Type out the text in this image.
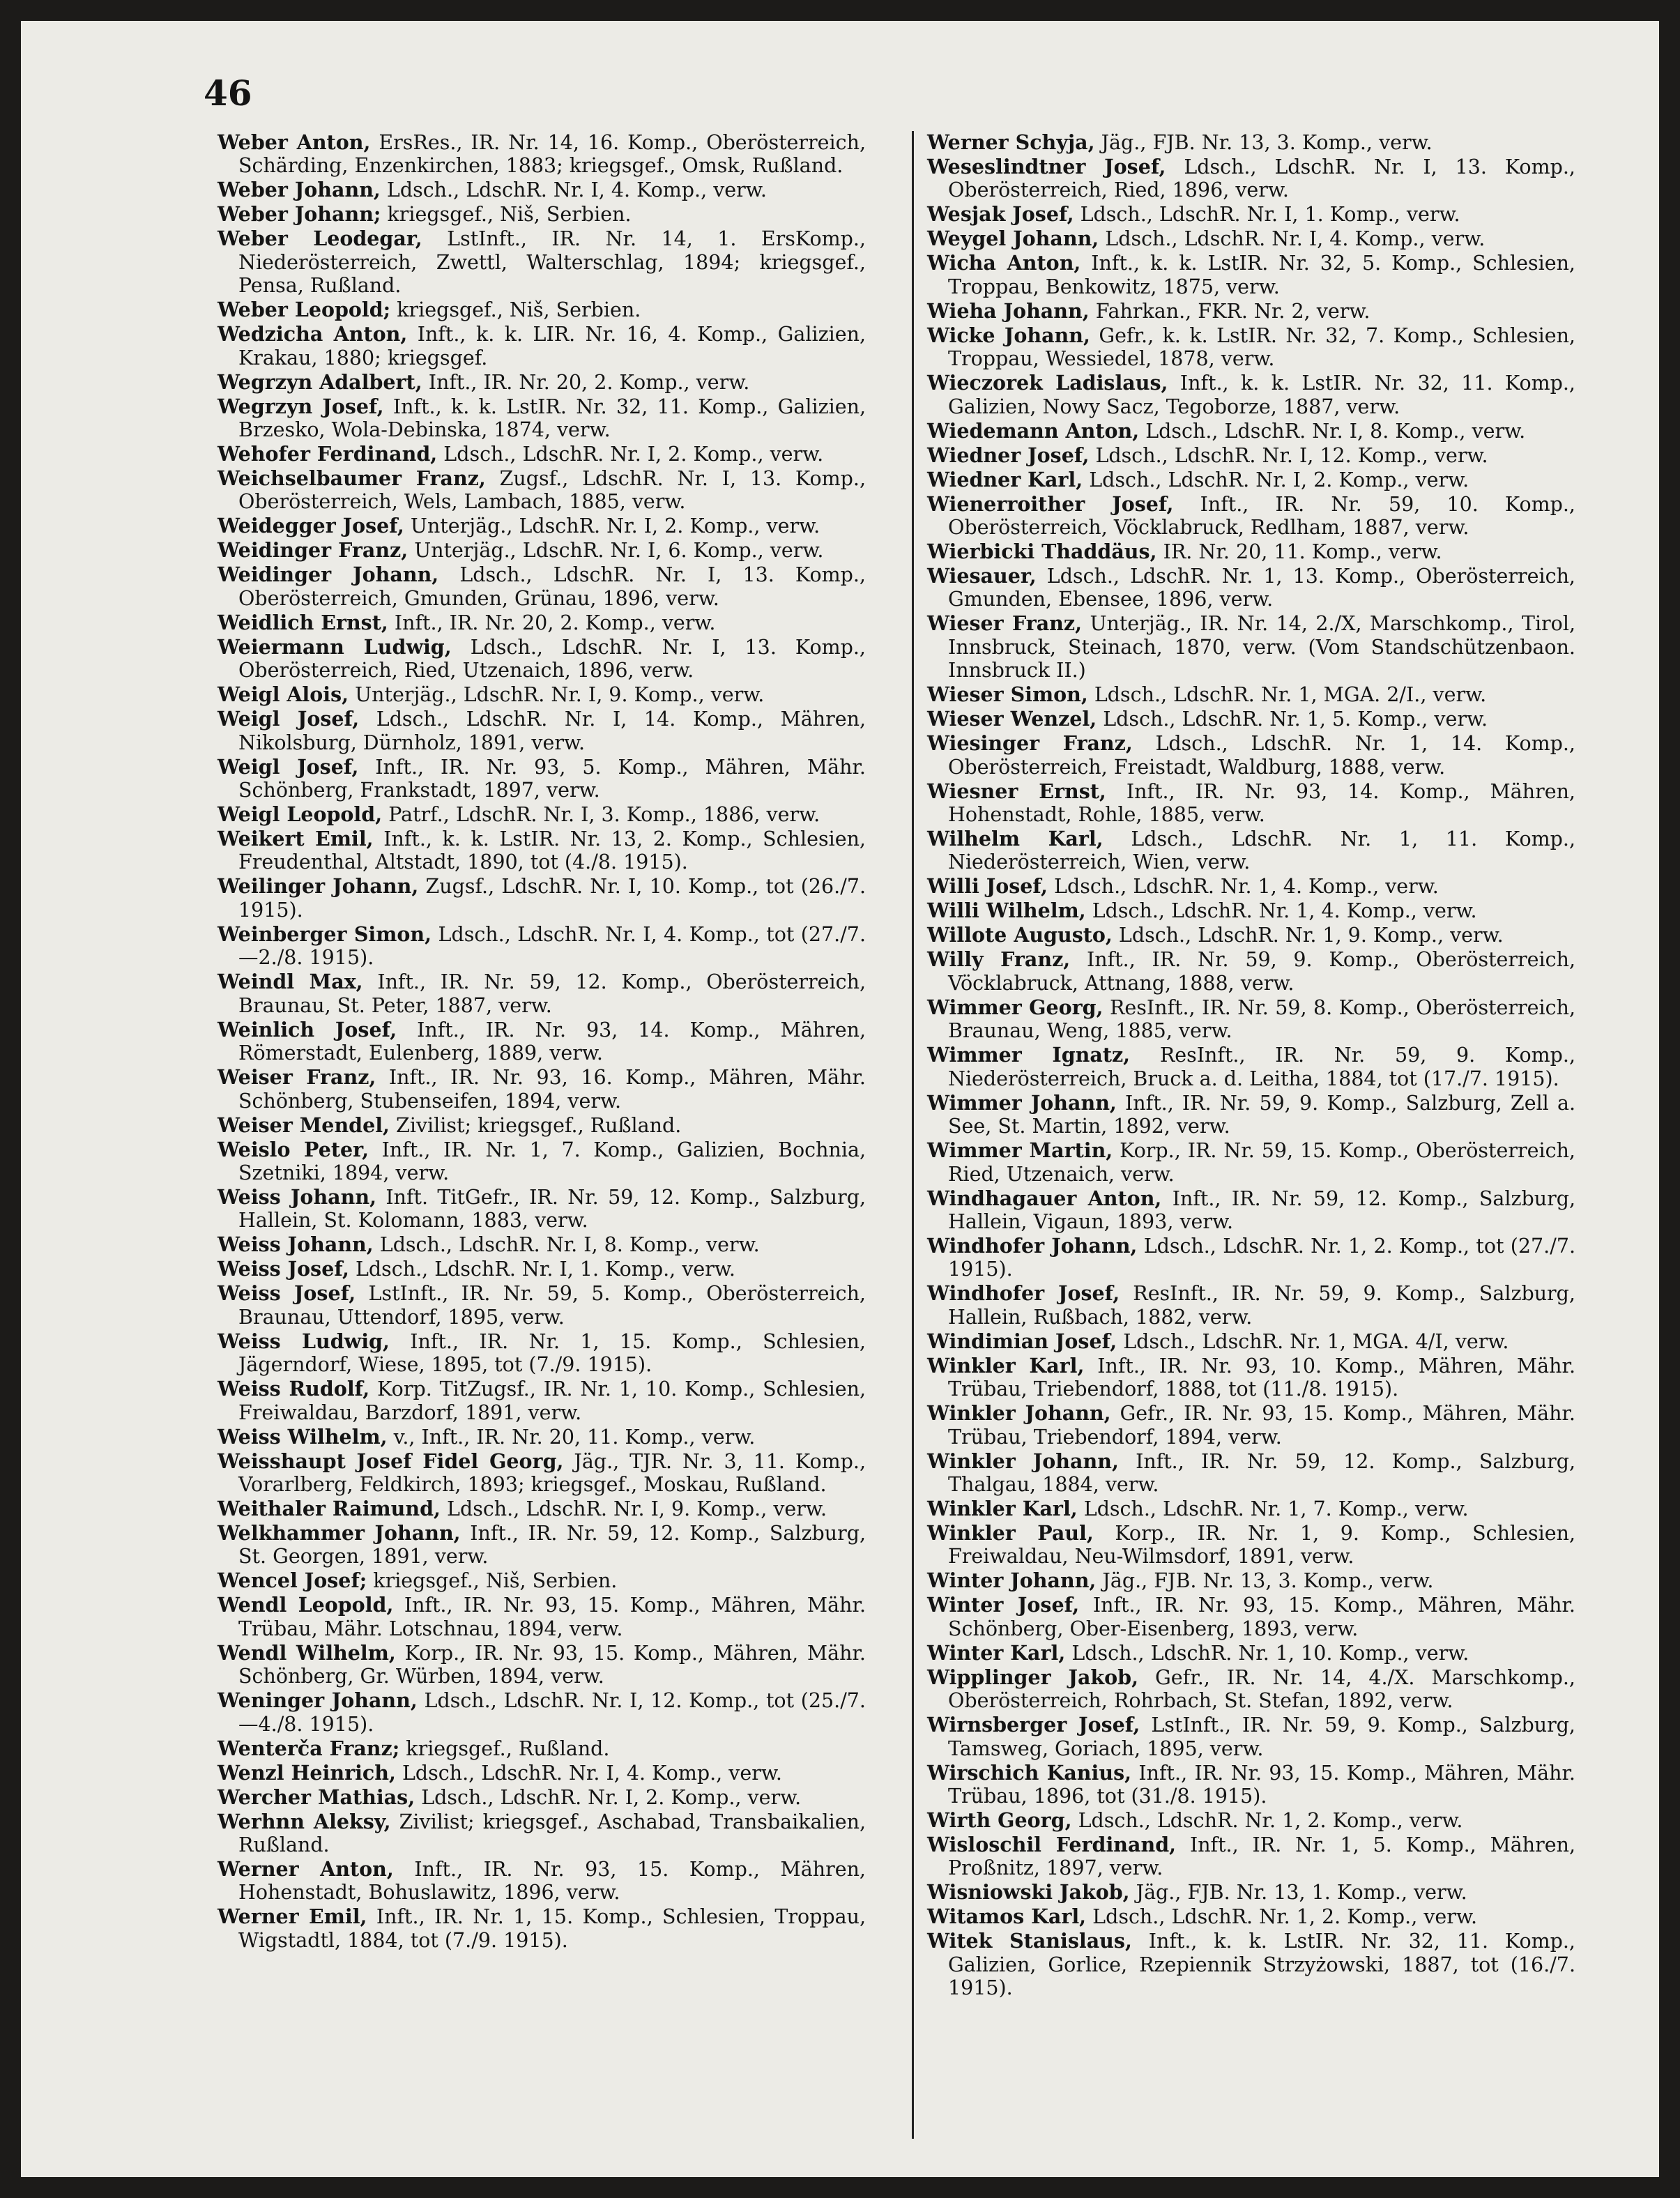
46

Weber Anton, ErsRes., IR. Nr. 14, 16. Komp., Oberösterreich, Schärding, Enzenkirchen, 1883; kriegsgef., Omsk, Rußland.

Weber Johann, Ldsch., LdschR. Nr. I, 4. Komp., verw.

Weber Johann; kriegsgef., Niš, Serbien.

Weber Leodegar, LstInft., IR. Nr. 14, 1. ErsKomp., Niederösterreich, Zwettl, Walterschlag, 1894; kriegsgef., Pensa, Rußland.

Weber Leopold; kriegsgef., Niš, Serbien.

Wedzicha Anton, Inft., k. k. LIR. Nr. 16, 4. Komp., Galizien, Krakau, 1880; kriegsgef.

Wegrzyn Adalbert, Inft., IR. Nr. 20, 2. Komp., verw.

Wegrzyn Josef, Inft., k. k. LstIR. Nr. 32, 11. Komp., Galizien, Brzesko, Wola-Debinska, 1874, verw.

Wehofer Ferdinand, Ldsch., LdschR. Nr. I, 2. Komp., verw.

Weichselbaumer Franz, Zugsf., LdschR. Nr. I, 13. Komp., Oberösterreich, Wels, Lambach, 1885, verw.

Weidegger Josef, Unterjäg., LdschR. Nr. I, 2. Komp., verw.

Weidinger Franz, Unterjäg., LdschR. Nr. I, 6. Komp., verw.

Weidinger Johann, Ldsch., LdschR. Nr. I, 13. Komp., Oberösterreich, Gmunden, Grünau, 1896, verw.

Weidlich Ernst, Inft., IR. Nr. 20, 2. Komp., verw.

Weiermann Ludwig, Ldsch., LdschR. Nr. I, 13. Komp., Oberösterreich, Ried, Utzenaich, 1896, verw.

Weigl Alois, Unterjäg., LdschR. Nr. I, 9. Komp., verw.

Weigl Josef, Ldsch., LdschR. Nr. I, 14. Komp., Mähren, Nikolsburg, Dürnholz, 1891, verw.

Weigl Josef, Inft., IR. Nr. 93, 5. Komp., Mähren, Mähr. Schönberg, Frankstadt, 1897, verw.

Weigl Leopold, Patrf., LdschR. Nr. I, 3. Komp., 1886, verw.

Weikert Emil, Inft., k. k. LstIR. Nr. 13, 2. Komp., Schlesien, Freudenthal, Altstadt, 1890, tot (4./8. 1915).

Weilinger Johann, Zugsf., LdschR. Nr. I, 10. Komp., tot (26./7. 1915).

Weinberger Simon, Ldsch., LdschR. Nr. I, 4. Komp., tot (27./7.—2./8. 1915).

Weindl Max, Inft., IR. Nr. 59, 12. Komp., Oberösterreich, Braunau, St. Peter, 1887, verw.

Weinlich Josef, Inft., IR. Nr. 93, 14. Komp., Mähren, Römerstadt, Eulenberg, 1889, verw.

Weiser Franz, Inft., IR. Nr. 93, 16. Komp., Mähren, Mähr. Schönberg, Stubenseifen, 1894, verw.

Weiser Mendel, Zivilist; kriegsgef., Rußland.

Weislo Peter, Inft., IR. Nr. 1, 7. Komp., Galizien, Bochnia, Szetniki, 1894, verw.

Weiss Johann, Inft. TitGefr., IR. Nr. 59, 12. Komp., Salzburg, Hallein, St. Kolomann, 1883, verw.

Weiss Johann, Ldsch., LdschR. Nr. I, 8. Komp., verw.

Weiss Josef, Ldsch., LdschR. Nr. I, 1. Komp., verw.

Weiss Josef, LstInft., IR. Nr. 59, 5. Komp., Oberösterreich, Braunau, Uttendorf, 1895, verw.

Weiss Ludwig, Inft., IR. Nr. 1, 15. Komp., Schlesien, Jägerndorf, Wiese, 1895, tot (7./9. 1915).

Weiss Rudolf, Korp. TitZugsf., IR. Nr. 1, 10. Komp., Schlesien, Freiwaldau, Barzdorf, 1891, verw.

Weiss Wilhelm, v., Inft., IR. Nr. 20, 11. Komp., verw.

Weisshaupt Josef Fidel Georg, Jäg., TJR. Nr. 3, 11. Komp., Vorarlberg, Feldkirch, 1893; kriegsgef., Moskau, Rußland.

Weithaler Raimund, Ldsch., LdschR. Nr. I, 9. Komp., verw.

Welkhammer Johann, Inft., IR. Nr. 59, 12. Komp., Salzburg, St. Georgen, 1891, verw.

Wencel Josef; kriegsgef., Niš, Serbien.

Wendl Leopold, Inft., IR. Nr. 93, 15. Komp., Mähren, Mähr. Trübau, Mähr. Lotschnau, 1894, verw.

Wendl Wilhelm, Korp., IR. Nr. 93, 15. Komp., Mähren, Mähr. Schönberg, Gr. Würben, 1894, verw.

Weninger Johann, Ldsch., LdschR. Nr. I, 12. Komp., tot (25./7.—4./8. 1915).

Wenterča Franz; kriegsgef., Rußland.

Wenzl Heinrich, Ldsch., LdschR. Nr. I, 4. Komp., verw.

Wercher Mathias, Ldsch., LdschR. Nr. I, 2. Komp., verw.

Werhnn Aleksy, Zivilist; kriegsgef., Aschabad, Transbaikalien, Rußland.

Werner Anton, Inft., IR. Nr. 93, 15. Komp., Mähren, Hohenstadt, Bohuslawitz, 1896, verw.

Werner Emil, Inft., IR. Nr. 1, 15. Komp., Schlesien, Troppau, Wigstadtl, 1884, tot (7./9. 1915).

Werner Schyja, Jäg., FJB. Nr. 13, 3. Komp., verw.

Weseslindtner Josef, Ldsch., LdschR. Nr. I, 13. Komp., Oberösterreich, Ried, 1896, verw.

Wesjak Josef, Ldsch., LdschR. Nr. I, 1. Komp., verw.

Weygel Johann, Ldsch., LdschR. Nr. I, 4. Komp., verw.

Wicha Anton, Inft., k. k. LstIR. Nr. 32, 5. Komp., Schlesien, Troppau, Benkowitz, 1875, verw.

Wieha Johann, Fahrkan., FKR. Nr. 2, verw.

Wicke Johann, Gefr., k. k. LstIR. Nr. 32, 7. Komp., Schlesien, Troppau, Wessiedel, 1878, verw.

Wieczorek Ladislaus, Inft., k. k. LstIR. Nr. 32, 11. Komp., Galizien, Nowy Sacz, Tegoborze, 1887, verw.

Wiedemann Anton, Ldsch., LdschR. Nr. I, 8. Komp., verw.

Wiedner Josef, Ldsch., LdschR. Nr. I, 12. Komp., verw.

Wiedner Karl, Ldsch., LdschR. Nr. I, 2. Komp., verw.

Wienerroither Josef, Inft., IR. Nr. 59, 10. Komp., Oberösterreich, Vöcklabruck, Redlham, 1887, verw.

Wierbicki Thaddäus, IR. Nr. 20, 11. Komp., verw.

Wiesauer, Ldsch., LdschR. Nr. 1, 13. Komp., Oberösterreich, Gmunden, Ebensee, 1896, verw.

Wieser Franz, Unterjäg., IR. Nr. 14, 2./X, Marschkomp., Tirol, Innsbruck, Steinach, 1870, verw. (Vom Standschützenbaon. Innsbruck II.)

Wieser Simon, Ldsch., LdschR. Nr. 1, MGA. 2/I., verw.

Wieser Wenzel, Ldsch., LdschR. Nr. 1, 5. Komp., verw.

Wiesinger Franz, Ldsch., LdschR. Nr. 1, 14. Komp., Oberösterreich, Freistadt, Waldburg, 1888, verw.

Wiesner Ernst, Inft., IR. Nr. 93, 14. Komp., Mähren, Hohenstadt, Rohle, 1885, verw.

Wilhelm Karl, Ldsch., LdschR. Nr. 1, 11. Komp., Niederösterreich, Wien, verw.

Willi Josef, Ldsch., LdschR. Nr. 1, 4. Komp., verw.

Willi Wilhelm, Ldsch., LdschR. Nr. 1, 4. Komp., verw.

Willote Augusto, Ldsch., LdschR. Nr. 1, 9. Komp., verw.

Willy Franz, Inft., IR. Nr. 59, 9. Komp., Oberösterreich, Vöcklabruck, Attnang, 1888, verw.

Wimmer Georg, ResInft., IR. Nr. 59, 8. Komp., Oberösterreich, Braunau, Weng, 1885, verw.

Wimmer Ignatz, ResInft., IR. Nr. 59, 9. Komp., Niederösterreich, Bruck a. d. Leitha, 1884, tot (17./7. 1915).

Wimmer Johann, Inft., IR. Nr. 59, 9. Komp., Salzburg, Zell a. See, St. Martin, 1892, verw.

Wimmer Martin, Korp., IR. Nr. 59, 15. Komp., Oberösterreich, Ried, Utzenaich, verw.

Windhagauer Anton, Inft., IR. Nr. 59, 12. Komp., Salzburg, Hallein, Vigaun, 1893, verw.

Windhofer Johann, Ldsch., LdschR. Nr. 1, 2. Komp., tot (27./7. 1915).

Windhofer Josef, ResInft., IR. Nr. 59, 9. Komp., Salzburg, Hallein, Rußbach, 1882, verw.

Windimian Josef, Ldsch., LdschR. Nr. 1, MGA. 4/I, verw.

Winkler Karl, Inft., IR. Nr. 93, 10. Komp., Mähren, Mähr. Trübau, Triebendorf, 1888, tot (11./8. 1915).

Winkler Johann, Gefr., IR. Nr. 93, 15. Komp., Mähren, Mähr. Trübau, Triebendorf, 1894, verw.

Winkler Johann, Inft., IR. Nr. 59, 12. Komp., Salzburg, Thalgau, 1884, verw.

Winkler Karl, Ldsch., LdschR. Nr. 1, 7. Komp., verw.

Winkler Paul, Korp., IR. Nr. 1, 9. Komp., Schlesien, Freiwaldau, Neu-Wilmsdorf, 1891, verw.

Winter Johann, Jäg., FJB. Nr. 13, 3. Komp., verw.

Winter Josef, Inft., IR. Nr. 93, 15. Komp., Mähren, Mähr. Schönberg, Ober-Eisenberg, 1893, verw.

Winter Karl, Ldsch., LdschR. Nr. 1, 10. Komp., verw.

Wipplinger Jakob, Gefr., IR. Nr. 14, 4./X. Marschkomp., Oberösterreich, Rohrbach, St. Stefan, 1892, verw.

Wirnsberger Josef, LstInft., IR. Nr. 59, 9. Komp., Salzburg, Tamsweg, Goriach, 1895, verw.

Wirschich Kanius, Inft., IR. Nr. 93, 15. Komp., Mähren, Mähr. Trübau, 1896, tot (31./8. 1915).

Wirth Georg, Ldsch., LdschR. Nr. 1, 2. Komp., verw.

Wisloschil Ferdinand, Inft., IR. Nr. 1, 5. Komp., Mähren, Proßnitz, 1897, verw.

Wisniowski Jakob, Jäg., FJB. Nr. 13, 1. Komp., verw.

Witamos Karl, Ldsch., LdschR. Nr. 1, 2. Komp., verw.

Witek Stanislaus, Inft., k. k. LstIR. Nr. 32, 11. Komp., Galizien, Gorlice, Rzepiennik Strzyżowski, 1887, tot (16./7. 1915).
